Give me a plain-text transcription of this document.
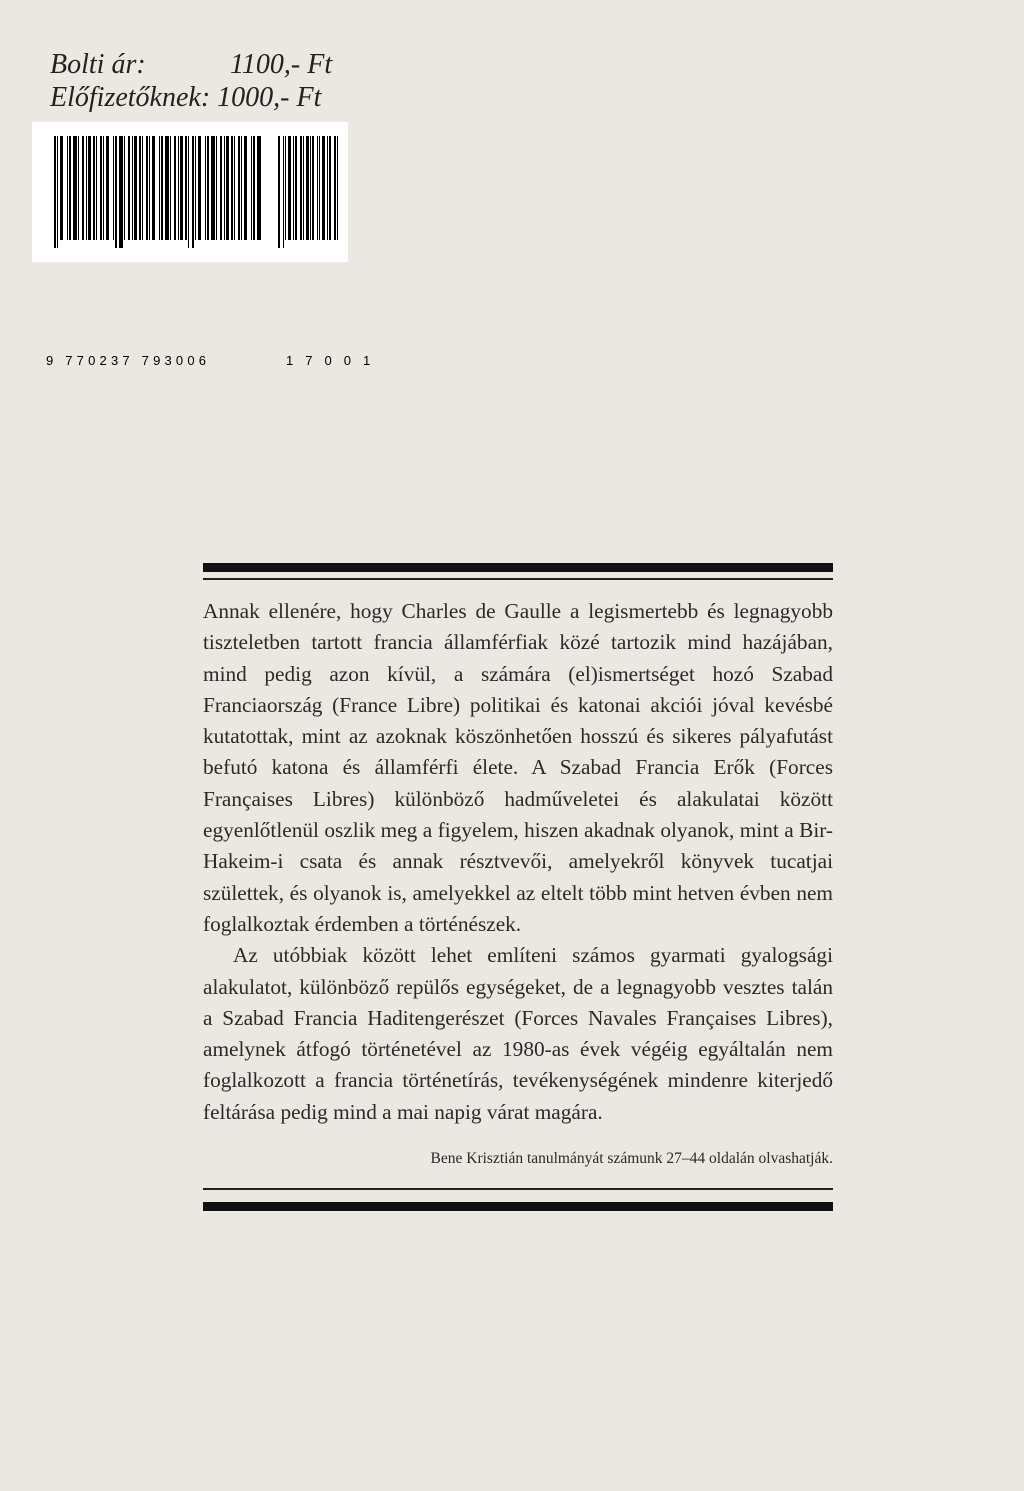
Bolti ár:	1100,- Ft
Előfizetőknek: 1000,- Ft
9 770237 793006	1 7 0 0 1

Annak ellenére, hogy Charles de Gaulle a legismertebb és legnagyobb tiszteletben tartott francia államférfiak közé tartozik mind hazájában, mind pedig azon kívül, a számára (el)ismertséget hozó Szabad Franciaország (France Libre) politikai és katonai akciói jóval kevésbé kutatottak, mint az azoknak köszönhetően hosszú és sikeres pályafutást befutó katona és államférfi élete. A Szabad Francia Erők (Forces Françaises Libres) különböző hadműveletei és alakulatai között egyenlőtlenül oszlik meg a figyelem, hiszen akadnak olyanok, mint a Bir-Hakeim-i csata és annak résztvevői, amelyekről könyvek tucatjai születtek, és olyanok is, amelyekkel az eltelt több mint hetven évben nem foglalkoztak érdemben a történészek.

Az utóbbiak között lehet említeni számos gyarmati gyalogsági alakulatot, különböző repülős egységeket, de a legnagyobb vesztes talán a Szabad Francia Haditengerészet (Forces Navales Françaises Libres), amelynek átfogó történetével az 1980-as évek végéig egyáltalán nem foglalkozott a francia történetírás, tevékenységének mindenre kiterjedő feltárása pedig mind a mai napig várat magára.

Bene Krisztián tanulmányát számunk 27–44 oldalán olvashatják.
